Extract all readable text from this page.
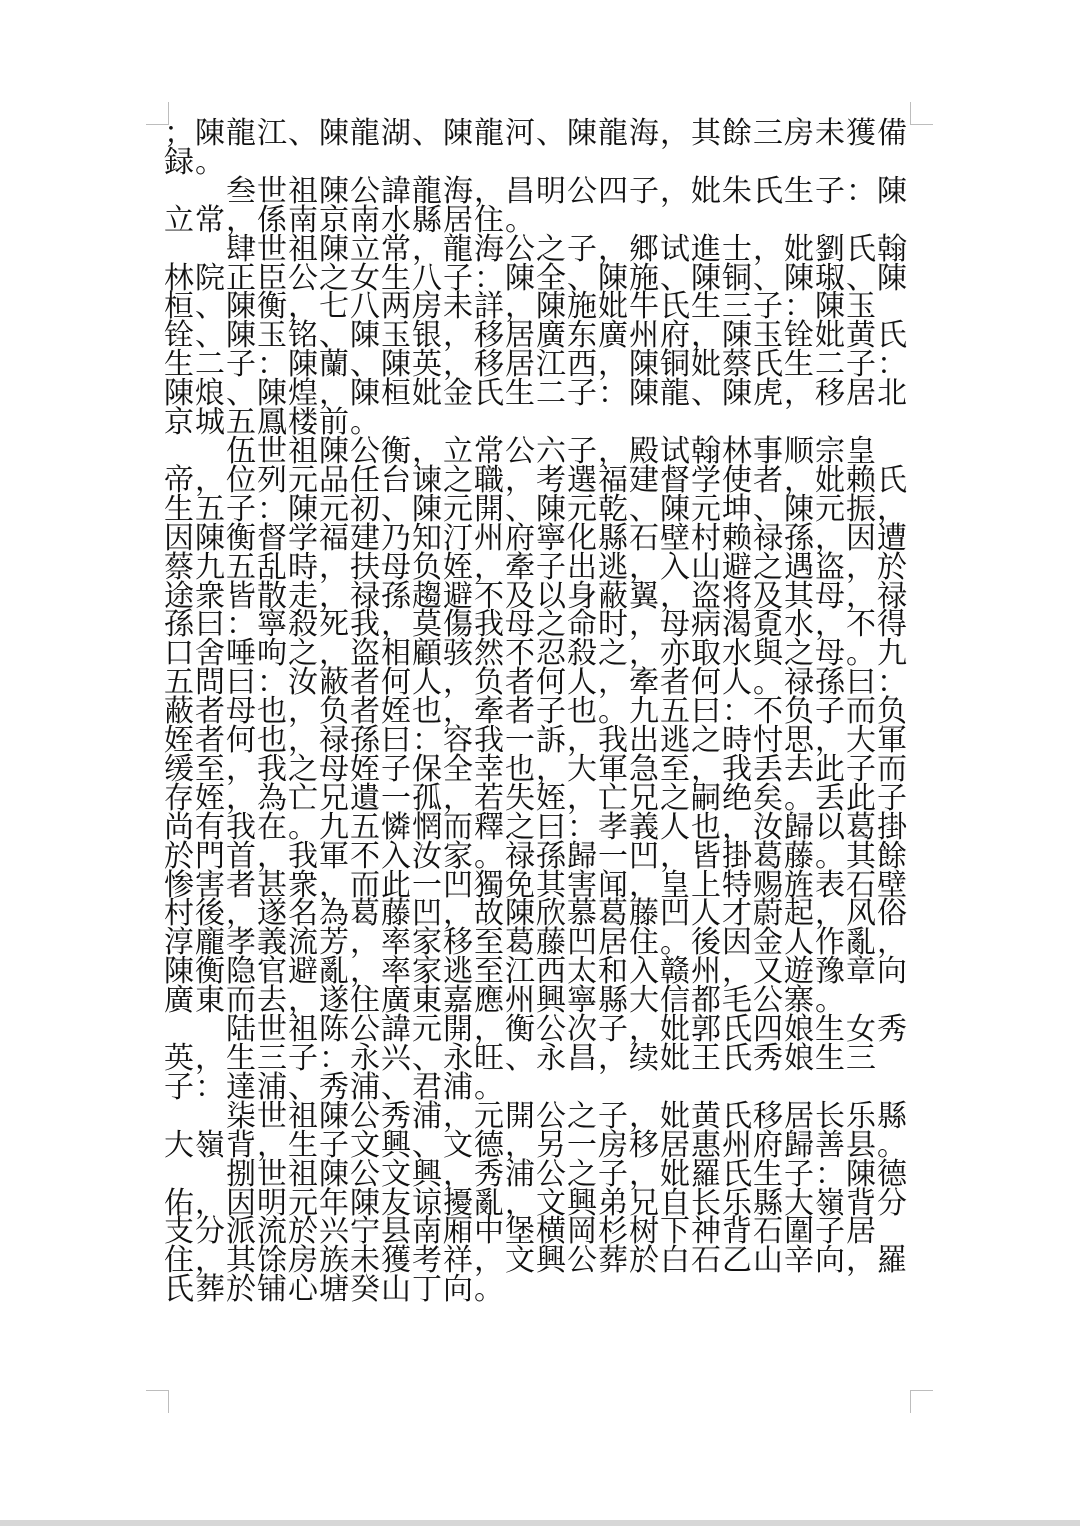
；陳龍江、陳龍湖、陳龍河、陳龍海，其餘三房未獲備録。

叁世祖陳公諱龍海，昌明公四子，妣朱氏生子：陳立常，係南京南水縣居住。

肆世祖陳立常，龍海公之子，郷试進士，妣劉氏翰林院正臣公之女生八子：陳全、陳施、陳铜、陳琡、陳桓、陳衡，七八两房未詳，陳施妣牛氏生三子：陳玉铨、陳玉铭、陳玉银，移居廣东廣州府，陳玉铨妣黄氏生二子：陳蘭、陳英，移居江西，陳铜妣蔡氏生二子：陳烺、陳煌，陳桓妣金氏生二子：陳龍、陳虎，移居北京城五鳳楼前。

伍世祖陳公衡，立常公六子，殿试翰林事顺宗皇帝，位列元品任台谏之職，考選福建督学使者，妣赖氏生五子：陳元初、陳元開、陳元乾、陳元坤、陳元振，因陳衡督学福建乃知汀州府寧化縣石壁村赖禄孫，因遭蔡九五乱時，扶母负姪，牽子出逃，入山避之遇盗，於途衆皆散走，禄孫趨避不及以身蔽翼，盗将及其母，禄孫曰：寧殺死我，莫傷我母之命时，母病渴覔水，不得口舍唾呴之，盗相顧骇然不忍殺之，亦取水與之母。九五問曰：汝蔽者何人，负者何人，牽者何人。禄孫曰：蔽者母也，负者姪也，牽者子也。九五曰：不负子而负姪者何也，禄孫曰：容我一訴，我出逃之時忖思，大軍缓至，我之母姪子保全幸也，大軍急至，我丢去此子而存姪，為亡兄遺一孤，若失姪，亡兄之嗣绝矣。丢此子尚有我在。九五憐惘而釋之曰：孝義人也，汝歸以葛掛於門首，我軍不入汝家。禄孫歸一凹，皆掛葛藤。其餘惨害者甚衆，而此一凹獨免其害闻，皇上特赐旌表石壁村後，遂名為葛藤凹，故陳欣慕葛藤凹人才蔚起，风俗淳龐孝義流芳，率家移至葛藤凹居住。後因金人作亂，陳衡隐官避亂，率家逃至江西太和入赣州，又遊豫章向廣東而去，遂住廣東嘉應州興寧縣大信都毛公寨。

陆世祖陈公諱元開，衡公次子，妣郭氏四娘生女秀英，生三子：永兴、永旺、永昌，续妣王氏秀娘生三子：達浦、秀浦、君浦。

柒世祖陳公秀浦，元開公之子，妣黄氏移居长乐縣大嶺背，生子文興、文德，另一房移居惠州府歸善县。

捌世祖陳公文興，秀浦公之子，妣羅氏生子：陳德佑，因明元年陳友谅擾亂，文興弟兄自长乐縣大嶺背分支分派流於兴宁县南厢中堡横岡杉树下神背石圍子居住，其馀房族未獲考祥，文興公葬於白石乙山辛向，羅氏葬於铺心塘癸山丁向。
